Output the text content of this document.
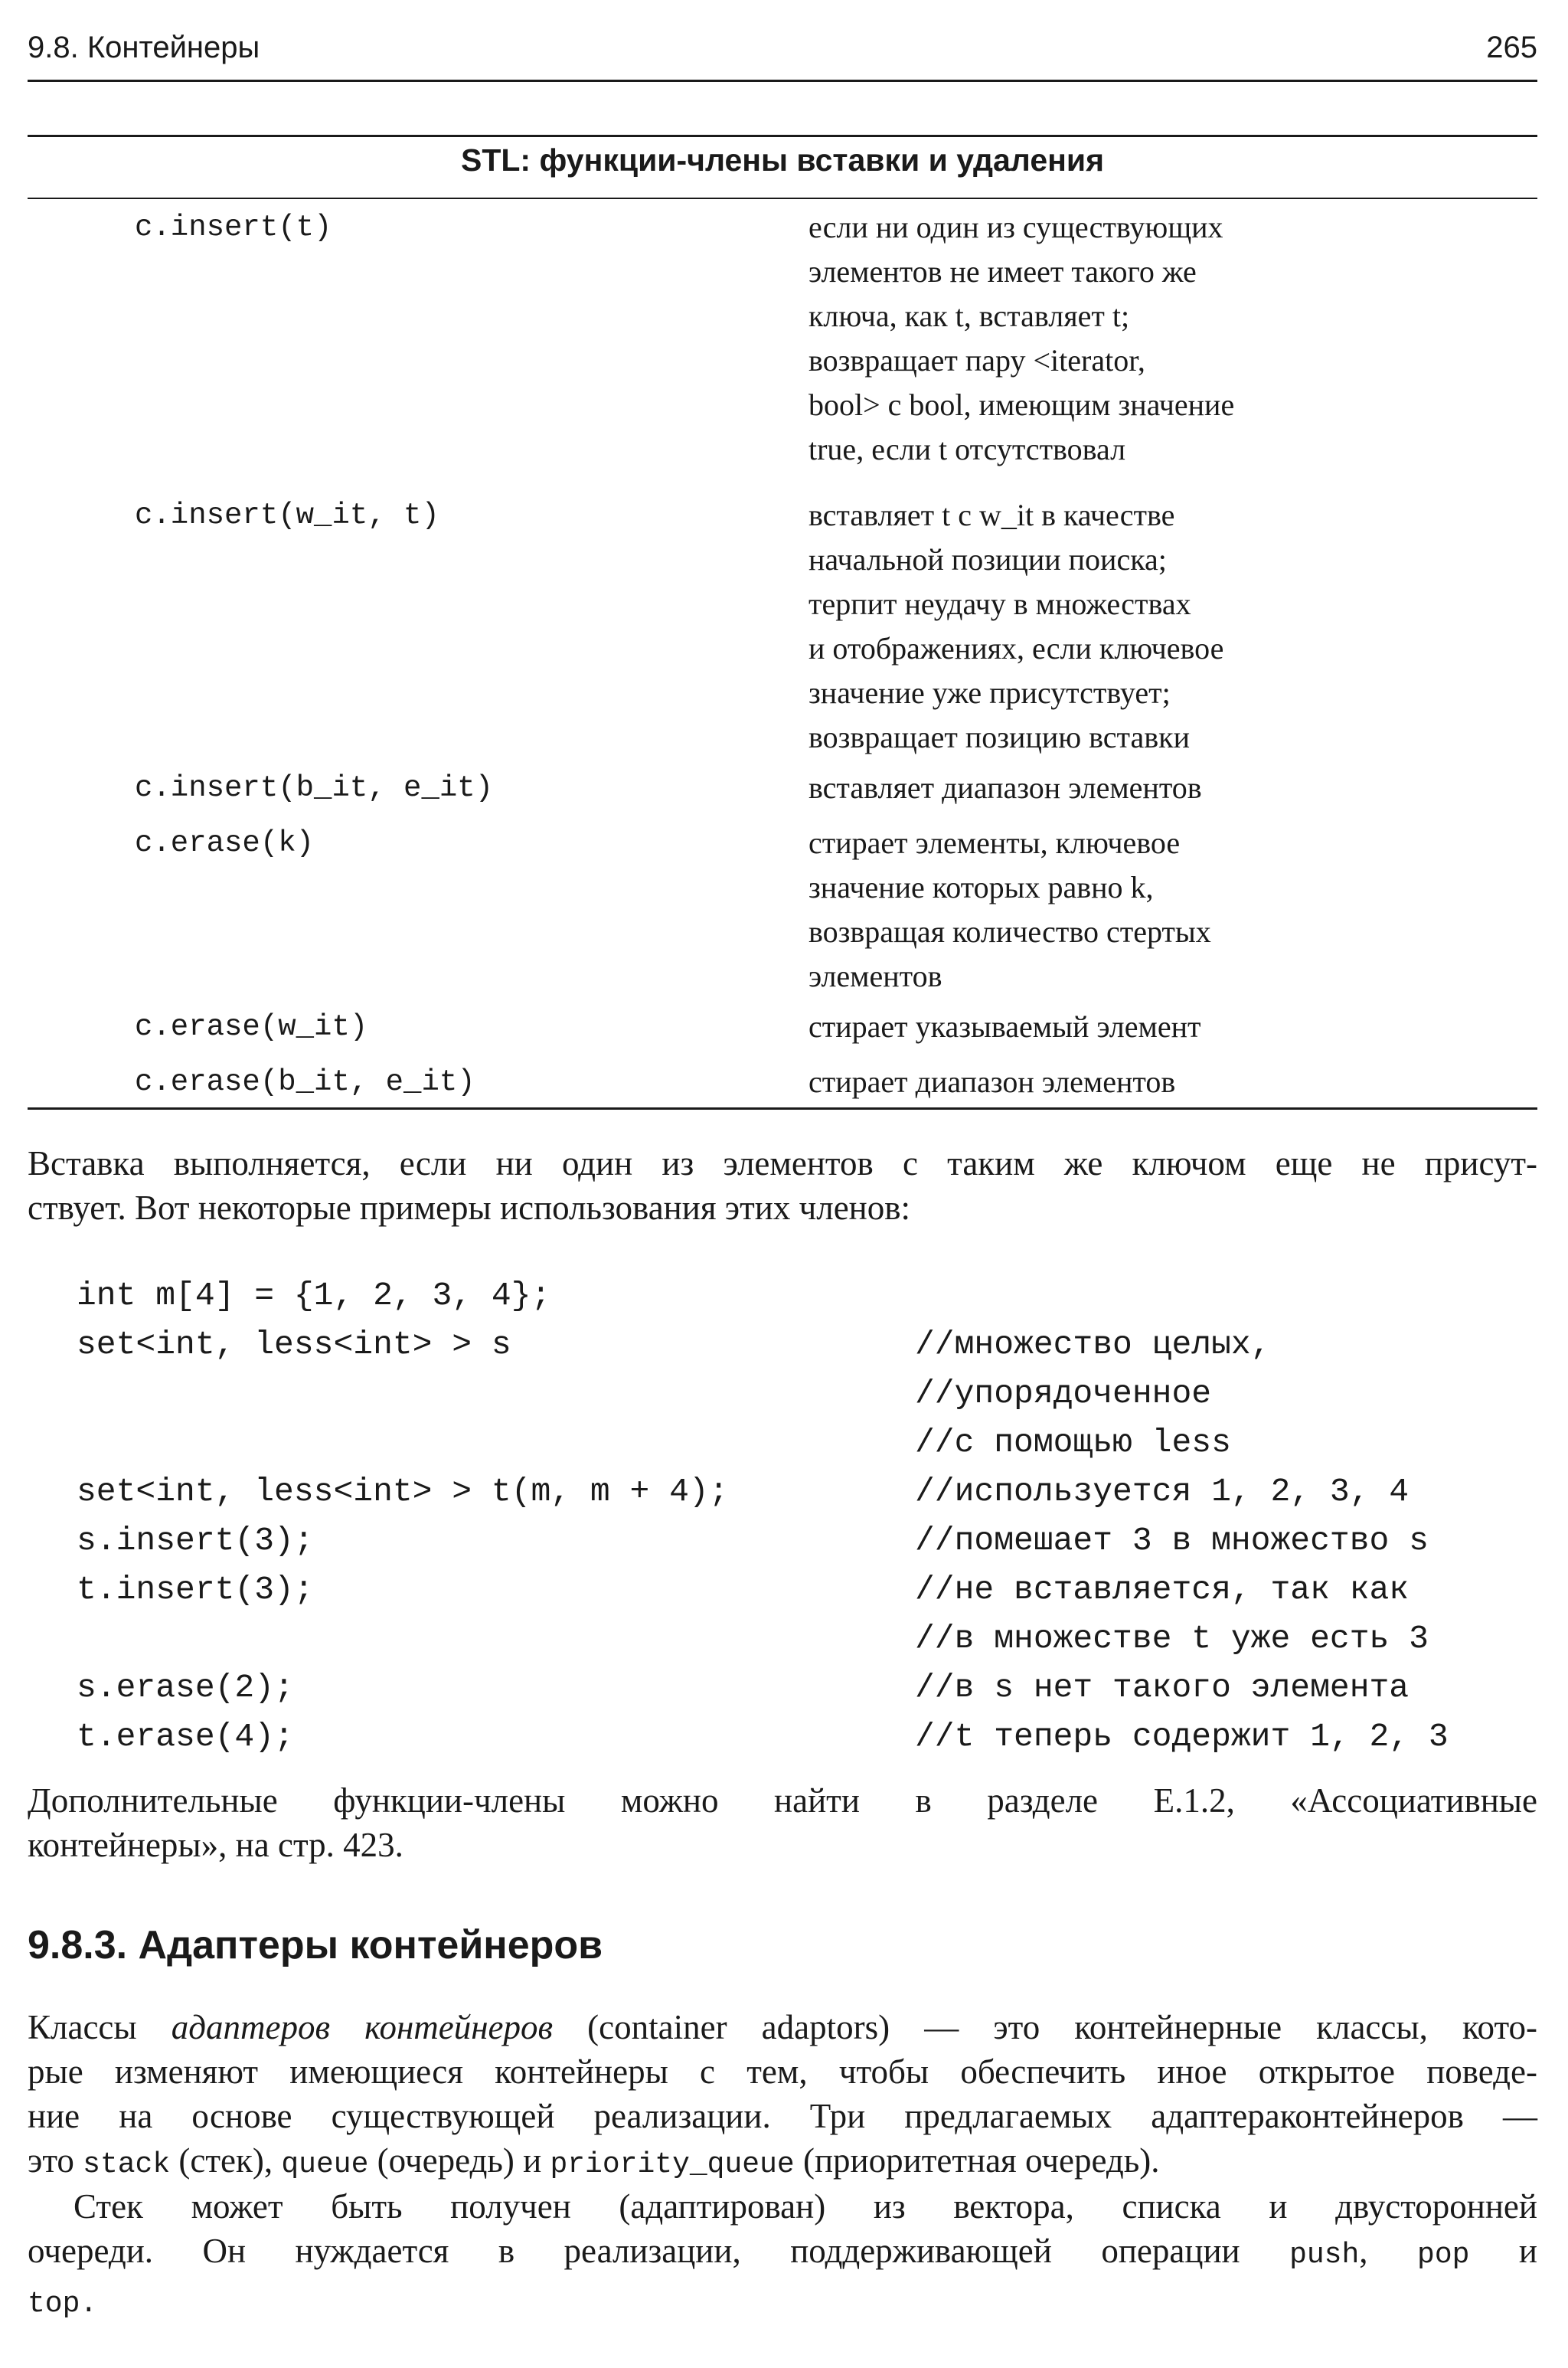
9.8. Контейнеры	265
STL: функции-члены вставки и удаления
c.insert(t)	если ни один из существующих
элементов не имеет такого же
ключа, как t, вставляет t;
возвращает пару <iterator,
bool> c bool, имеющим значение
true, если t отсутствовал
c.insert(w_it, t)	вставляет t c w_it в качестве
начальной позиции поиска;
терпит неудачу в множествах
и отображениях, если ключевое
значение уже присутствует;
возвращает позицию вставки
c.insert(b_it, e_it)	вставляет диапазон элементов
c.erase(k)	стирает элементы, ключевое
значение которых равно k,
возвращая количество стертых
элементов
c.erase(w_it)	стирает указываемый элемент
c.erase(b_it, e_it)	стирает диапазон элементов
Вставка выполняется, если ни один из элементов с таким же ключом еще не присут-
ствует. Вот некоторые примеры использования этих членов:
int m[4] = {1, 2, 3, 4};
set<int, less<int> > s	//множество целых,
//упорядоченное
//с помощью less
set<int, less<int> > t(m, m + 4);	//используется 1, 2, 3, 4
s.insert(3);	//помешает 3 в множество s
t.insert(3);	//не вставляется, так как
//в множестве t уже есть 3
s.erase(2);	//в s нет такого элемента
t.erase(4);	//t теперь содержит 1, 2, 3
Дополнительные функции-члены можно найти в разделе E.1.2, «Ассоциативные
контейнеры», на стр. 423.
9.8.3. Адаптеры контейнеров
Классы адаптеров контейнеров (container adaptors) — это контейнерные классы, кото-
рые изменяют имеющиеся контейнеры с тем, чтобы обеспечить иное открытое поведе-
ние на основе существующей реализации. Три предлагаемых адаптераконтейнеров —
это stack (стек), queue (очередь) и priority_queue (приоритетная очередь).
Стек может быть получен (адаптирован) из вектора, списка и двусторонней
очереди. Он нуждается в реализации, поддерживающей операции push, pop и
top.
